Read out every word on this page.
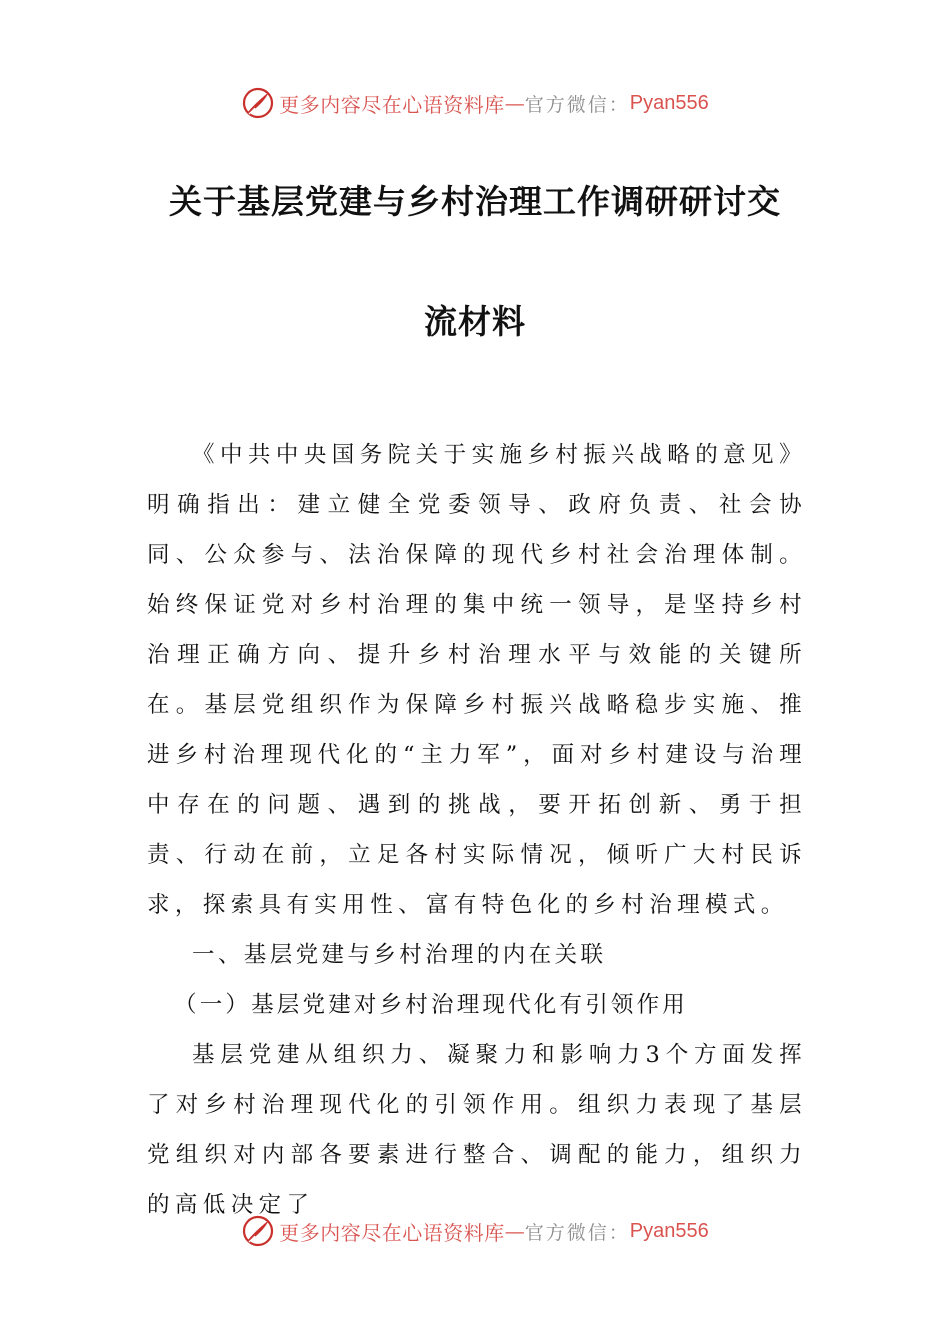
更多内容尽在心语资料库 — 官方微信： Pyan556
关于基层党建与乡村治理工作调研研讨交
流材料

《中共中央国务院关于实施乡村振兴战略的意见》明确指出：建立健全党委领导、政府负责、社会协同、公众参与、法治保障的现代乡村社会治理体制。始终保证党对乡村治理的集中统一领导，是坚持乡村治理正确方向、提升乡村治理水平与效能的关键所在。基层党组织作为保障乡村振兴战略稳步实施、推进乡村治理现代化的“主力军”，面对乡村建设与治理中存在的问题、遇到的挑战，要开拓创新、勇于担责、行动在前，立足各村实际情况，倾听广大村民诉求，探索具有实用性、富有特色化的乡村治理模式。

一、基层党建与乡村治理的内在关联

（一）基层党建对乡村治理现代化有引领作用

基层党建从组织力、凝聚力和影响力3个方面发挥了对乡村治理现代化的引领作用。组织力表现了基层党组织对内部各要素进行整合、调配的能力，组织力的高低决定了

更多内容尽在心语资料库 — 官方微信： Pyan556
